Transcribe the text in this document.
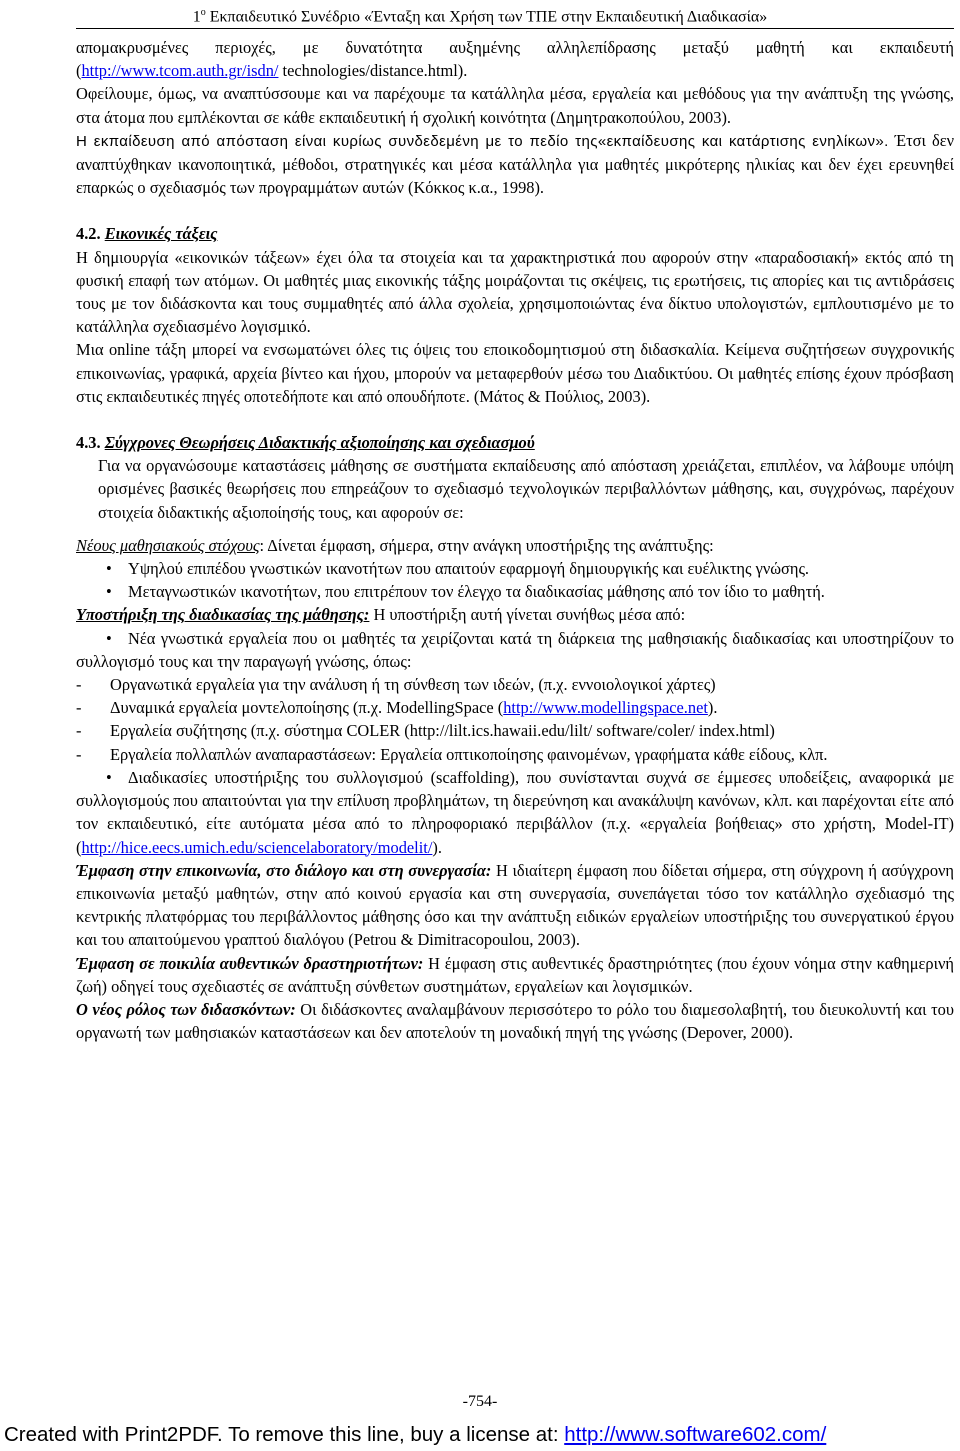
$1^o$ Εκπαιδευτικό Συνέδριο «Ένταξη και Χρήση των ΤΠΕ στην Εκπαιδευτική Διαδικασία»

απομακρυσμένες περιοχές, με δυνατότητα αυξημένης αλληλεπίδρασης μεταξύ μαθητή και εκπαιδευτή (http://www.tcom.auth.gr/isdn/ technologies/distance.html).

Οφείλουμε, όμως, να αναπτύσσουμε και να παρέχουμε τα κατάλληλα μέσα, εργαλεία και μεθόδους για την ανάπτυξη της γνώσης, στα άτομα που εμπλέκονται σε κάθε εκπαιδευτική ή σχολική κοινότητα (Δημητρακοπούλου, 2003).

Η εκπαίδευση από απόσταση είναι κυρίως συνδεδεμένη με το πεδίο της«εκπαίδευσης και κατάρτισης ενηλίκων». Έτσι δεν αναπτύχθηκαν ικανοποιητικά, μέθοδοι, στρατηγικές και μέσα κατάλληλα για μαθητές μικρότερης ηλικίας και δεν έχει ερευνηθεί επαρκώς ο σχεδιασμός των προγραμμάτων αυτών (Κόκκος κ.α., 1998).

4.2. Εικονικές τάξεις

Η δημιουργία «εικονικών τάξεων» έχει όλα τα στοιχεία και τα χαρακτηριστικά που αφορούν στην «παραδοσιακή» εκτός από τη φυσική επαφή των ατόμων. Οι μαθητές μιας εικονικής τάξης μοιράζονται τις σκέψεις, τις ερωτήσεις, τις απορίες και τις αντιδράσεις τους με τον διδάσκοντα και τους συμμαθητές από άλλα σχολεία, χρησιμοποιώντας ένα δίκτυο υπολογιστών, εμπλουτισμένο με το κατάλληλα σχεδιασμένο λογισμικό.

Μια online τάξη μπορεί να ενσωματώνει όλες τις όψεις του εποικοδομητισμού στη διδασκαλία. Κείμενα συζητήσεων συγχρονικής επικοινωνίας, γραφικά, αρχεία βίντεο και ήχου, μπορούν να μεταφερθούν μέσω του Διαδικτύου. Οι μαθητές επίσης έχουν πρόσβαση στις εκπαιδευτικές πηγές οποτεδήποτε και από οπουδήποτε. (Μάτος & Πούλιος, 2003).

4.3. Σύγχρονες Θεωρήσεις Διδακτικής αξιοποίησης και σχεδιασμού

Για να οργανώσουμε καταστάσεις μάθησης σε συστήματα εκπαίδευσης από απόσταση χρειάζεται, επιπλέον, να λάβουμε υπόψη ορισμένες βασικές θεωρήσεις που επηρεάζουν το σχεδιασμό τεχνολογικών περιβαλλόντων μάθησης, και, συγχρόνως, παρέχουν στοιχεία διδακτικής αξιοποίησής τους, και αφορούν σε:

Νέους μαθησιακούς στόχους: Δίνεται έμφαση, σήμερα, στην ανάγκη υποστήριξης της ανάπτυξης:

• Υψηλού επιπέδου γνωστικών ικανοτήτων που απαιτούν εφαρμογή δημιουργικής και ευέλικτης γνώσης.

• Μεταγνωστικών ικανοτήτων, που επιτρέπουν τον έλεγχο τα διαδικασίας μάθησης από τον ίδιο το μαθητή.

Υποστήριξη της διαδικασίας της μάθησης: Η υποστήριξη αυτή γίνεται συνήθως μέσα από:

• Νέα γνωστικά εργαλεία που οι μαθητές τα χειρίζονται κατά τη διάρκεια της μαθησιακής διαδικασίας και υποστηρίζουν το συλλογισμό τους και την παραγωγή γνώσης, όπως:

- Οργανωτικά εργαλεία για την ανάλυση ή τη σύνθεση των ιδεών, (π.χ. εννοιολογικοί χάρτες)

- Δυναμικά εργαλεία μοντελοποίησης (π.χ. ModellingSpace (http://www.modellingspace.net).

- Εργαλεία συζήτησης (π.χ. σύστημα COLER (http://lilt.ics.hawaii.edu/lilt/ software/coler/ index.html)

- Εργαλεία πολλαπλών αναπαραστάσεων: Εργαλεία οπτικοποίησης φαινομένων, γραφήματα κάθε είδους, κλπ.

• Διαδικασίες υποστήριξης του συλλογισμού (scaffolding), που συνίστανται συχνά σε έμμεσες υποδείξεις, αναφορικά με συλλογισμούς που απαιτούνται για την επίλυση προβλημάτων, τη διερεύνηση και ανακάλυψη κανόνων, κλπ. και παρέχονται είτε από τον εκπαιδευτικό, είτε αυτόματα μέσα από το πληροφοριακό περιβάλλον (π.χ. «εργαλεία βοήθειας» στο χρήστη, Model-IT) (http://hice.eecs.umich.edu/sciencelaboratory/modelit/).

Έμφαση στην επικοινωνία, στο διάλογο και στη συνεργασία: Η ιδιαίτερη έμφαση που δίδεται σήμερα, στη σύγχρονη ή ασύγχρονη επικοινωνία μεταξύ μαθητών, στην από κοινού εργασία και στη συνεργασία, συνεπάγεται τόσο τον κατάλληλο σχεδιασμό της κεντρικής πλατφόρμας του περιβάλλοντος μάθησης όσο και την ανάπτυξη ειδικών εργαλείων υποστήριξης του συνεργατικού έργου και του απαιτούμενου γραπτού διαλόγου (Petrou & Dimitracopoulou, 2003).

Έμφαση σε ποικιλία αυθεντικών δραστηριοτήτων: Η έμφαση στις αυθεντικές δραστηριότητες (που έχουν νόημα στην καθημερινή ζωή) οδηγεί τους σχεδιαστές σε ανάπτυξη σύνθετων συστημάτων, εργαλείων και λογισμικών.

Ο νέος ρόλος των διδασκόντων: Οι διδάσκοντες αναλαμβάνουν περισσότερο το ρόλο του διαμεσολαβητή, του διευκολυντή και του οργανωτή των μαθησιακών καταστάσεων και δεν αποτελούν τη μοναδική πηγή της γνώσης (Depover, 2000).

-754-
Created with Print2PDF. To remove this line, buy a license at: http://www.software602.com/
